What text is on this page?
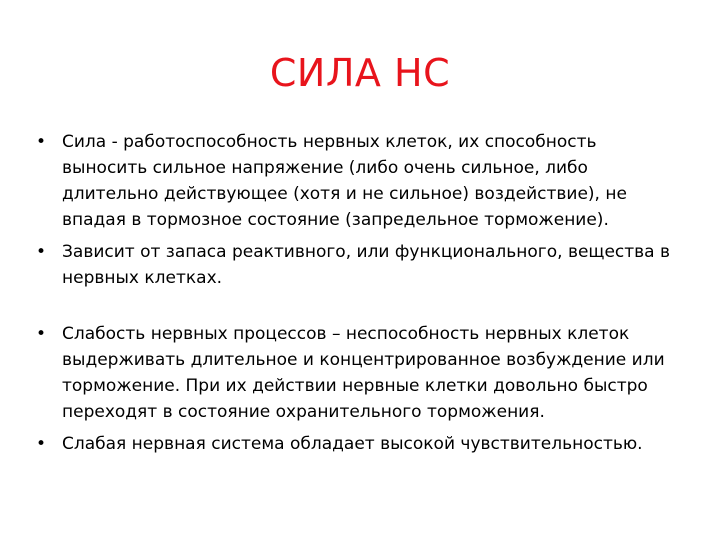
СИЛА НС
• Сила - работоспособность нервных клеток, их способность выносить сильное напряжение (либо очень сильное, либо длительно действующее (хотя и не сильное) воздействие), не впадая в тормозное состояние (запредельное торможение).
• Зависит от запаса реактивного, или функционального, вещества в нервных клетках.
• Слабость нервных процессов – неспособность нервных клеток выдерживать длительное и концентрированное возбуждение или торможение. При их действии нервные клетки довольно быстро переходят в состояние охранительного торможения.
• Слабая нервная система обладает высокой чувствительностью.
